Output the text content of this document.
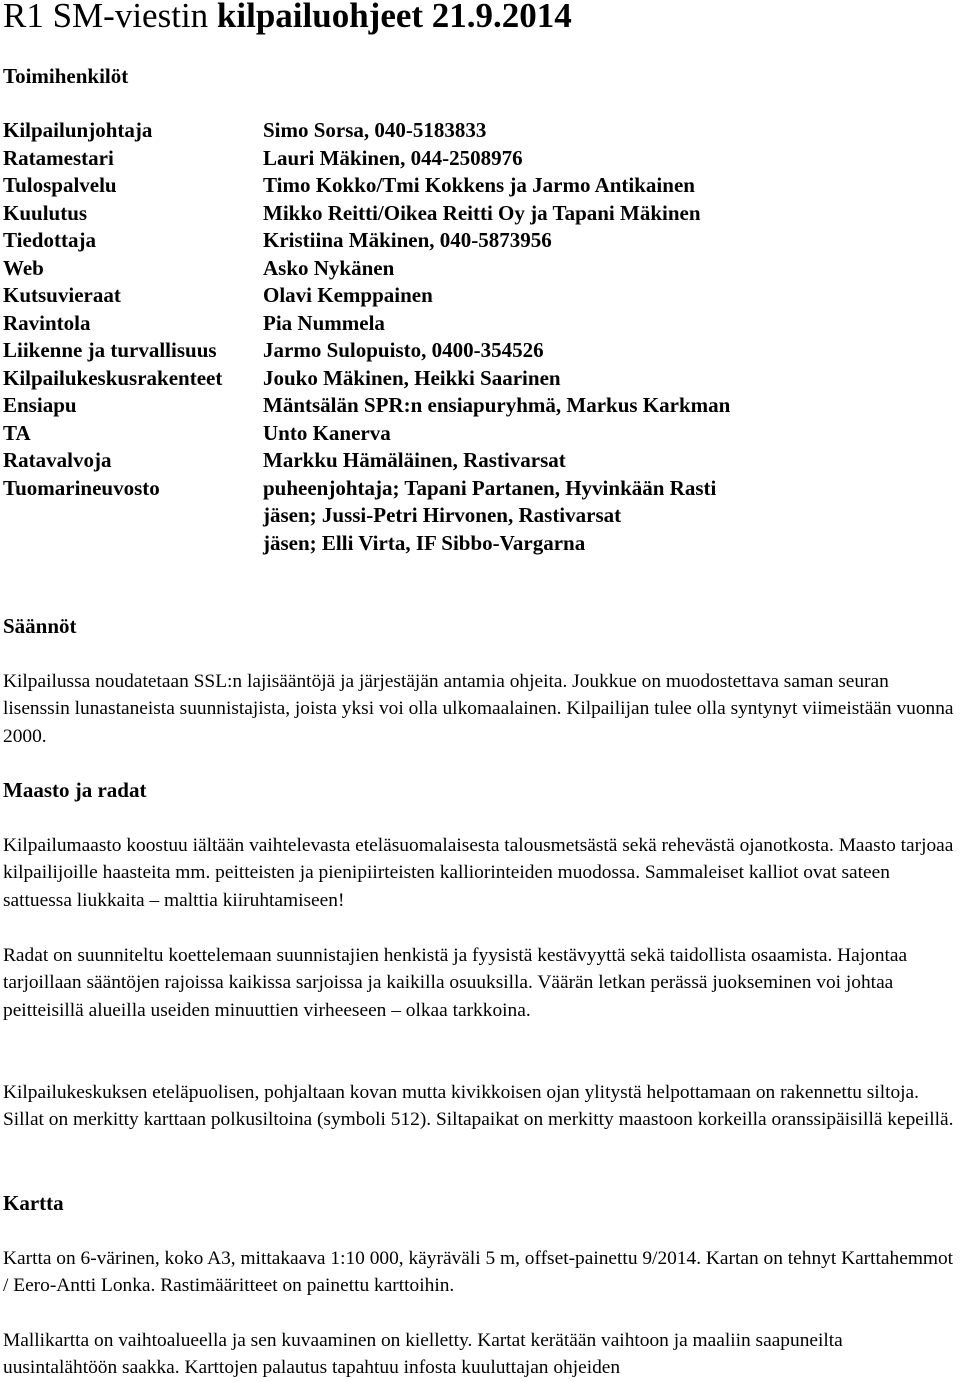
R1 SM-viestin kilpailuohjeet 21.9.2014
Toimihenkilöt
Kilpailunjohtaja	Simo Sorsa, 040-5183833
Ratamestari	Lauri Mäkinen, 044-2508976
Tulospalvelu	Timo Kokko/Tmi Kokkens ja Jarmo Antikainen
Kuulutus	Mikko Reitti/Oikea Reitti Oy ja Tapani Mäkinen
Tiedottaja	Kristiina Mäkinen, 040-5873956
Web	Asko Nykänen
Kutsuvieraat	Olavi Kemppainen
Ravintola	Pia Nummela
Liikenne ja turvallisuus	Jarmo Sulopuisto, 0400-354526
Kilpailukeskusrakenteet	Jouko Mäkinen, Heikki Saarinen
Ensiapu	Mäntsälän SPR:n ensiapuryhmä, Markus Karkman
TA	Unto Kanerva
Ratavalvoja	Markku Hämäläinen, Rastivarsat
Tuomarineuvosto	puheenjohtaja; Tapani Partanen, Hyvinkään Rasti
jäsen; Jussi-Petri Hirvonen, Rastivarsat
jäsen; Elli Virta, IF Sibbo-Vargarna
Säännöt
Kilpailussa noudatetaan SSL:n lajisääntöjä ja järjestäjän antamia ohjeita. Joukkue on muodostettava saman seuran lisenssin lunastaneista suunnistajista, joista yksi voi olla ulkomaalainen. Kilpailijan tulee olla syntynyt viimeistään vuonna 2000.
Maasto ja radat
Kilpailumaasto koostuu iältään vaihtelevasta eteläsuomalaisesta talousmetsästä sekä rehevästä ojanotkosta. Maasto tarjoaa kilpailijoille haasteita mm. peitteisten ja pienipiirteisten kalliorinteiden muodossa. Sammaleiset kalliot ovat sateen sattuessa liukkaita – malttia kiiruhtamiseen!
Radat on suunniteltu koettelemaan suunnistajien henkistä ja fyysistä kestävyyttä sekä taidollista osaamista. Hajontaa tarjoillaan sääntöjen rajoissa kaikissa sarjoissa ja kaikilla osuuksilla. Väärän letkan perässä juokseminen voi johtaa peitteisillä alueilla useiden minuuttien virheeseen – olkaa tarkkoina.
Kilpailukeskuksen eteläpuolisen, pohjaltaan kovan mutta kivikkoisen ojan ylitystä helpottamaan on rakennettu siltoja. Sillat on merkitty karttaan polkusiltoina (symboli 512). Siltapaikat on merkitty maastoon korkeilla oranssipäisillä kepeillä.
Kartta
Kartta on 6-värinen, koko A3, mittakaava 1:10 000, käyräväli 5 m, offset-painettu 9/2014. Kartan on tehnyt Karttahemmot / Eero-Antti Lonka. Rastimääritteet on painettu karttoihin.
Mallikartta on vaihtoalueella ja sen kuvaaminen on kielletty. Kartat kerätään vaihtoon ja maaliin saapuneilta uusintalähtöön saakka. Karttojen palautus tapahtuu infosta kuuluttajan ohjeiden
